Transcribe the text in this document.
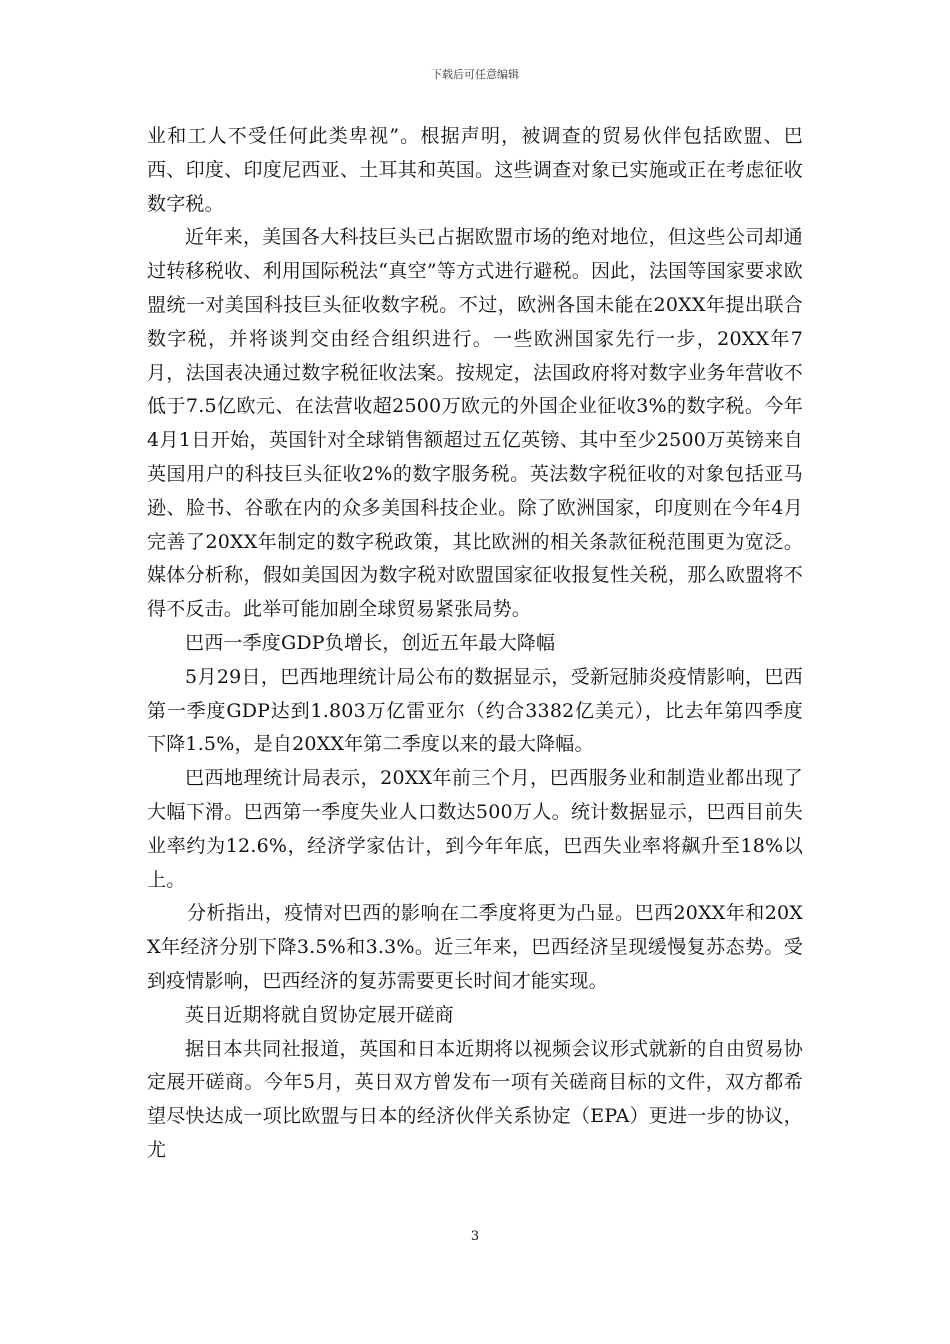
下载后可任意编辑

业和工人不受任何此类卑视”。根据声明，被调查的贸易伙伴包括欧盟、巴西、印度、印度尼西亚、土耳其和英国。这些调查对象已实施或正在考虑征收数字税。

近年来，美国各大科技巨头已占据欧盟市场的绝对地位，但这些公司却通过转移税收、利用国际税法“真空”等方式进行避税。因此，法国等国家要求欧盟统一对美国科技巨头征收数字税。不过，欧洲各国未能在20XX年提出联合数字税，并将谈判交由经合组织进行。一些欧洲国家先行一步，20XX年7月，法国表决通过数字税征收法案。按规定，法国政府将对数字业务年营收不低于7.5亿欧元、在法营收超2500万欧元的外国企业征收3%的数字税。今年4月1日开始，英国针对全球销售额超过五亿英镑、其中至少2500万英镑来自英国用户的科技巨头征收2%的数字服务税。英法数字税征收的对象包括亚马逊、脸书、谷歌在内的众多美国科技企业。除了欧洲国家，印度则在今年4月完善了20XX年制定的数字税政策，其比欧洲的相关条款征税范围更为宽泛。媒体分析称，假如美国因为数字税对欧盟国家征收报复性关税，那么欧盟将不得不反击。此举可能加剧全球贸易紧张局势。

巴西一季度GDP负增长，创近五年最大降幅

5月29日，巴西地理统计局公布的数据显示，受新冠肺炎疫情影响，巴西第一季度GDP达到1.803万亿雷亚尔（约合3382亿美元），比去年第四季度下降1.5%，是自20XX年第二季度以来的最大降幅。

巴西地理统计局表示，20XX年前三个月，巴西服务业和制造业都出现了大幅下滑。巴西第一季度失业人口数达500万人。统计数据显示，巴西目前失业率约为12.6%，经济学家估计，到今年年底，巴西失业率将飙升至18%以上。

分析指出，疫情对巴西的影响在二季度将更为凸显。巴西20XX年和20XX年经济分别下降3.5%和3.3%。近三年来，巴西经济呈现缓慢复苏态势。受到疫情影响，巴西经济的复苏需要更长时间才能实现。

英日近期将就自贸协定展开磋商

据日本共同社报道，英国和日本近期将以视频会议形式就新的自由贸易协定展开磋商。今年5月，英日双方曾发布一项有关磋商目标的文件，双方都希望尽快达成一项比欧盟与日本的经济伙伴关系协定（EPA）更进一步的协议，尤

3
